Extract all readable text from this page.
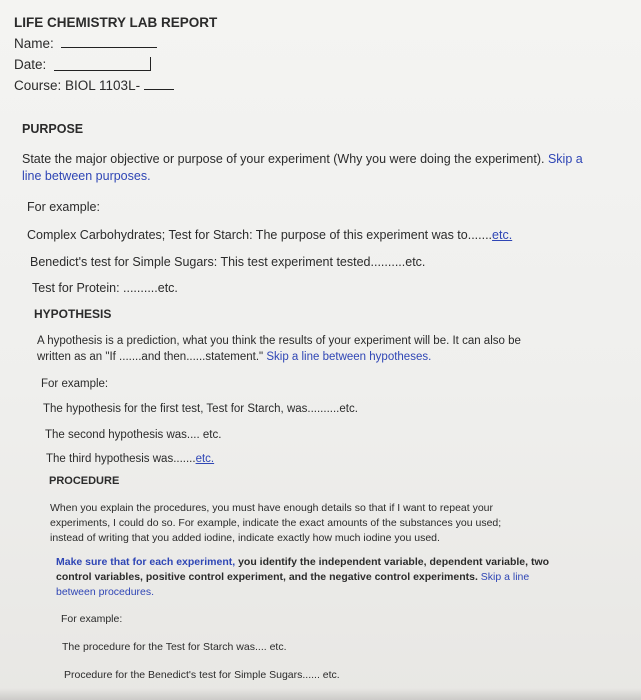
LIFE CHEMISTRY LAB REPORT
Name:
Date:
Course: BIOL 1103L-
PURPOSE
State the major objective or purpose of your experiment (Why you were doing the experiment). Skip a
line between purposes.
For example:
Complex Carbohydrates; Test for Starch: The purpose of this experiment was to.......etc.
Benedict's test for Simple Sugars: This test experiment tested..........etc.
Test for Protein: ..........etc.
HYPOTHESIS
A hypothesis is a prediction, what you think the results of your experiment will be. It can also be
written as an "If .......and then......statement." Skip a line between hypotheses.
For example:
The hypothesis for the first test, Test for Starch, was..........etc.
The second hypothesis was.... etc.
The third hypothesis was.......etc.
PROCEDURE
When you explain the procedures, you must have enough details so that if I want to repeat your
experiments, I could do so. For example, indicate the exact amounts of the substances you used;
instead of writing that you added iodine, indicate exactly how much iodine you used.
Make sure that for each experiment, you identify the independent variable, dependent variable, two
control variables, positive control experiment, and the negative control experiments. Skip a line
between procedures.
For example:
The procedure for the Test for Starch was.... etc.
Procedure for the Benedict's test for Simple Sugars...... etc.
